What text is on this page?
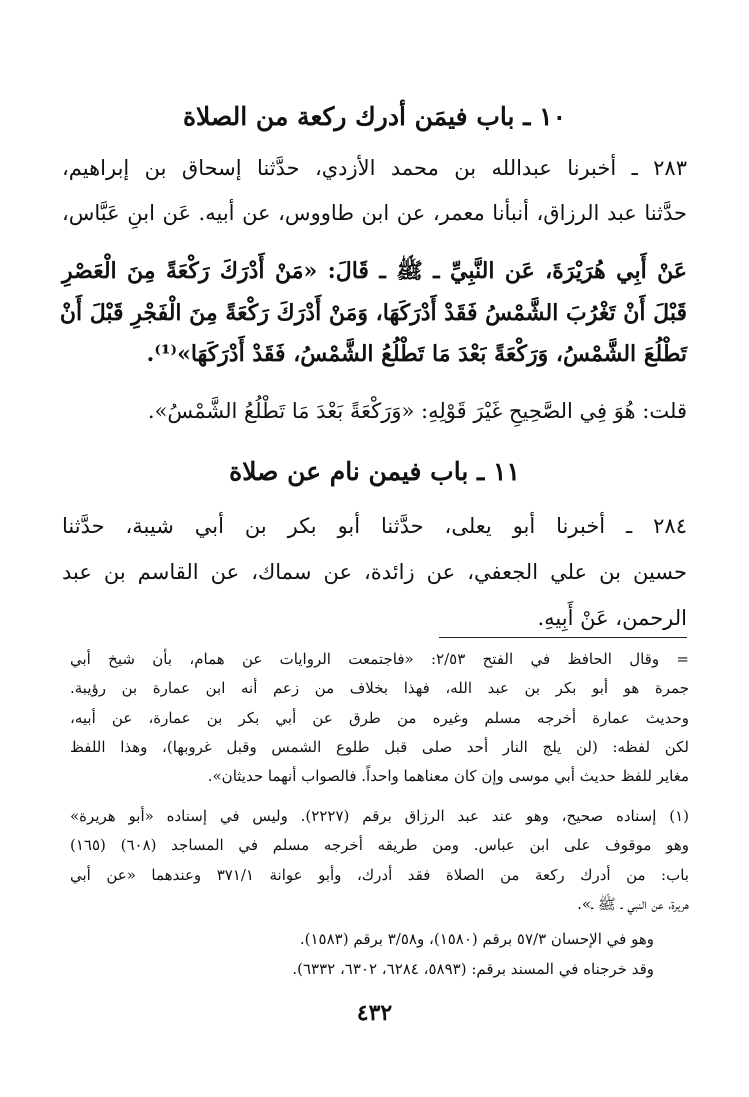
١٠ ـ باب فيمَن أدرك ركعة من الصلاة
٢٨٣ ـ أخبرنا عبدالله بن محمد الأزدي، حدَّثنا إسحاق بن إبراهيم،
حدَّثنا عبد الرزاق، أنبأنا معمر، عن ابن طاووس، عن أبيه. عَن ابنِ عَبَّاس،
عَنْ أَبِي هُرَيْرَةَ، عَن النَّبِيِّ ـ ﷺ ـ قَالَ: «مَنْ أَدْرَكَ رَكْعَةً مِنَ الْعَصْرِ
قَبْلَ أَنْ تَغْرُبَ الشَّمْسُ فَقَدْ أَدْرَكَهَا، وَمَنْ أَدْرَكَ رَكْعَةً مِنَ الْفَجْرِ قَبْلَ أَنْ
تَطْلُعَ الشَّمْسُ، وَرَكْعَةً بَعْدَ مَا تَطْلُعُ الشَّمْسُ، فَقَدْ أَدْرَكَهَا»⁽¹⁾.
قلت: هُوَ فِي الصَّحِيحِ غَيْرَ قَوْلِهِ: «وَرَكْعَةً بَعْدَ مَا تَطْلُعُ الشَّمْسُ».
١١ ـ باب فيمن نام عن صلاة
٢٨٤ ـ أخبرنا أبو يعلى، حدَّثنا أبو بكر بن أبي شيبة، حدَّثنا
حسين بن علي الجعفي، عن زائدة، عن سماك، عن القاسم بن عبد
الرحمن، عَنْ أَبِيهِ.
= وقال الحافظ في الفتح ٢/٥٣: «فاجتمعت الروايات عن همام، بأن شيخ أبي
جمرة هو أبو بكر بن عبد الله، فهذا بخلاف من زعم أنه ابن عمارة بن رؤيبة.
وحديث عمارة أخرجه مسلم وغيره من طرق عن أبي بكر بن عمارة، عن أبيه،
لكن لفظه: (لن يلج النار أحد صلى قبل طلوع الشمس وقبل غروبها)، وهذا اللفظ
مغاير للفظ حديث أبي موسى وإن كان معناهما واحداً. فالصواب أنهما حديثان».
(١) إسناده صحيح، وهو عند عبد الرزاق برقم (٢٢٢٧). وليس في إسناده «أبو هريرة»
وهو موقوف على ابن عباس. ومن طريقه أخرجه مسلم في المساجد (٦٠٨) (١٦٥)
باب: من أدرك ركعة من الصلاة فقد أدرك، وأبو عوانة ٣٧١/١ وعندهما «عن أبي
هريرة، عن النبي ـ ﷺ ـ».
وهو في الإحسان ٥٧/٣ برقم (١٥٨٠)، و٣/٥٨ برقم (١٥٨٣).
وقد خرجناه في المسند برقم: (٥٨٩٣، ٦٢٨٤، ٦٣٠٢، ٦٣٣٢).
٤٣٢
